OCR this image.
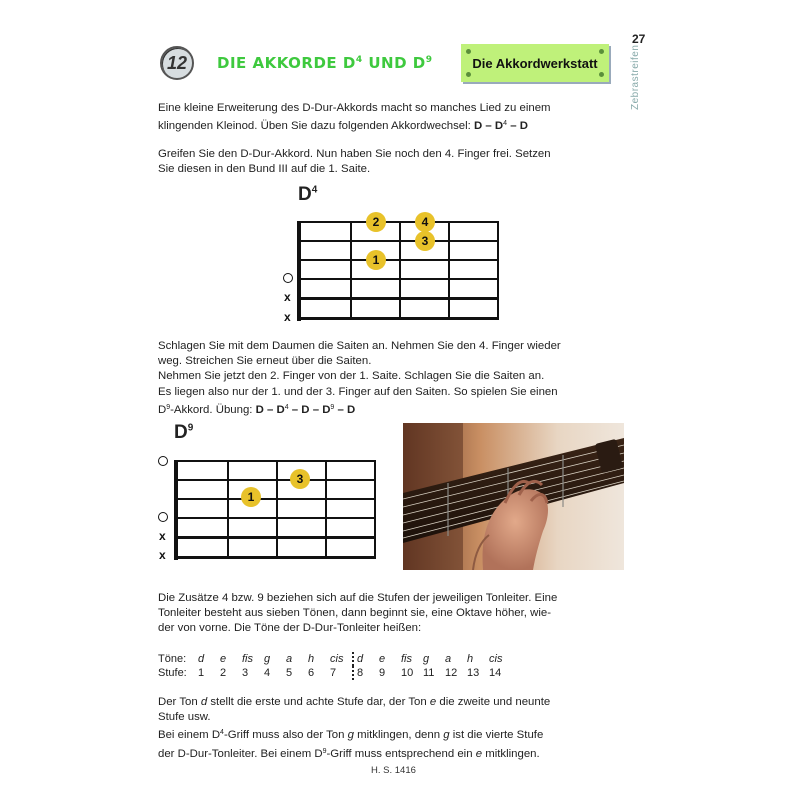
12 DIE AKKORDE $D^4$ UND $D^9$	Die Akkordwerkstatt
27
Zebrastreifen

Eine kleine Erweiterung des D-Dur-Akkords macht so manches Lied zu einem
klingenden Kleinod. Üben Sie dazu folgenden Akkordwechsel: D – $D^4$ – D

Greifen Sie den D-Dur-Akkord. Nun haben Sie noch den 4. Finger frei. Setzen
Sie diesen in den Bund III auf die 1. Saite.

$D^4$
2	4
3
1
x
x

Schlagen Sie mit dem Daumen die Saiten an. Nehmen Sie den 4. Finger wieder
weg. Streichen Sie erneut über die Saiten.
Nehmen Sie jetzt den 2. Finger von der 1. Saite. Schlagen Sie die Saiten an.
Es liegen also nur der 1. und der 3. Finger auf den Saiten. So spielen Sie einen
$D^9$-Akkord. Übung: D – $D^4$ – D – $D^9$ – D

$D^9$
3
1
x
x

Die Zusätze 4 bzw. 9 beziehen sich auf die Stufen der jeweiligen Tonleiter. Eine
Tonleiter besteht aus sieben Tönen, dann beginnt sie, eine Oktave höher, wie-
der von vorne. Die Töne der D-Dur-Tonleiter heißen:

Töne:	d	e	fis	g	a	h	cis	d	e	fis	g	a	h	cis
Stufe:	1	2	3	4	5	6	7	8	9	10	11	12	13	14

Der Ton d stellt die erste und achte Stufe dar, der Ton e die zweite und neunte
Stufe usw.
Bei einem $D^4$-Griff muss also der Ton g mitklingen, denn g ist die vierte Stufe
der D-Dur-Tonleiter. Bei einem $D^9$-Griff muss entsprechend ein e mitklingen.

H. S. 1416
